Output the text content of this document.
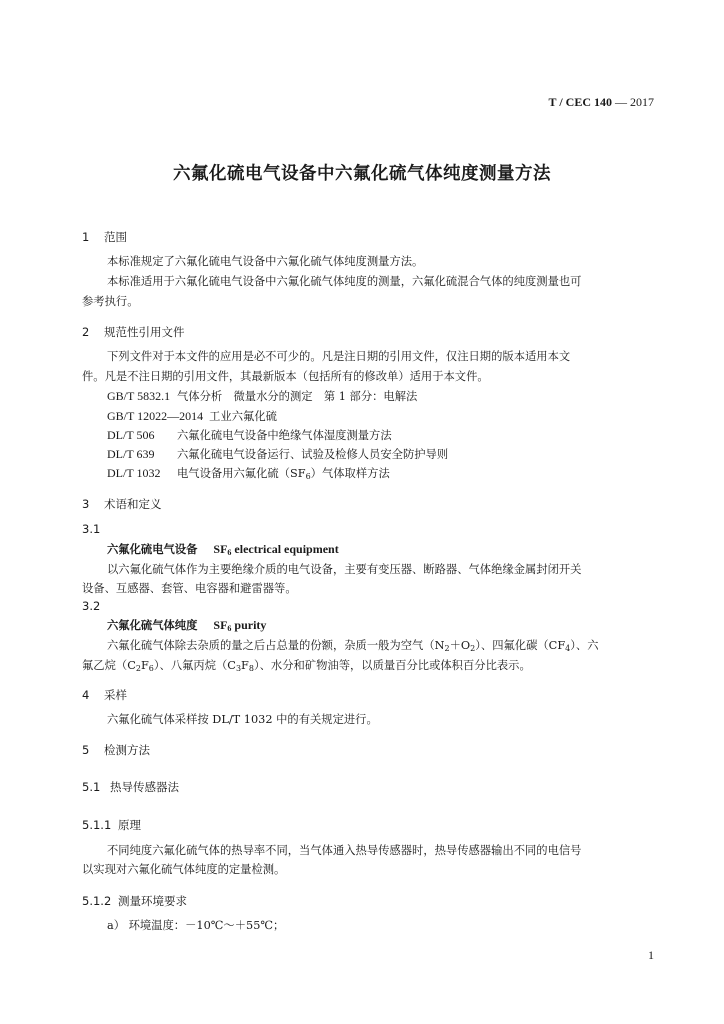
T / CEC 140 — 2017
六氟化硫电气设备中六氟化硫气体纯度测量方法
1 范围
本标准规定了六氟化硫电气设备中六氟化硫气体纯度测量方法。
本标准适用于六氟化硫电气设备中六氟化硫气体纯度的测量，六氟化硫混合气体的纯度测量也可
参考执行。
2 规范性引用文件
下列文件对于本文件的应用是必不可少的。凡是注日期的引用文件，仅注日期的版本适用本文
件。凡是不注日期的引用文件，其最新版本（包括所有的修改单）适用于本文件。
GB/T 5832.1 气体分析　微量水分的测定　第 1 部分：电解法
GB/T 12022—2014 工业六氟化硫
DL/T 506 六氟化硫电气设备中绝缘气体湿度测量方法
DL/T 639 六氟化硫电气设备运行、试验及检修人员安全防护导则
DL/T 1032 电气设备用六氟化硫$(SF_6)$气体取样方法
3 术语和定义
3.1
六氟化硫电气设备 $SF_6$ electrical equipment
以六氟化硫气体作为主要绝缘介质的电气设备，主要有变压器、断路器、气体绝缘金属封闭开关
设备、互感器、套管、电容器和避雷器等。
3.2
六氟化硫气体纯度 $SF_6$ purity
六氟化硫气体除去杂质的量之后占总量的份额，杂质一般为空气$(N_2+O_2)$、四氟化碳$(CF_4)$、六
氟乙烷$(C_2F_6)$、八氟丙烷$(C_3F_8)$、水分和矿物油等，以质量百分比或体积百分比表示。
4 采样
六氟化硫气体采样按 DL/T 1032 中的有关规定进行。
5 检测方法
5.1 热导传感器法
5.1.1 原理
不同纯度六氟化硫气体的热导率不同，当气体通入热导传感器时，热导传感器输出不同的电信号
以实现对六氟化硫气体纯度的定量检测。
5.1.2 测量环境要求
a） 环境温度：－10℃～＋55℃；
1
